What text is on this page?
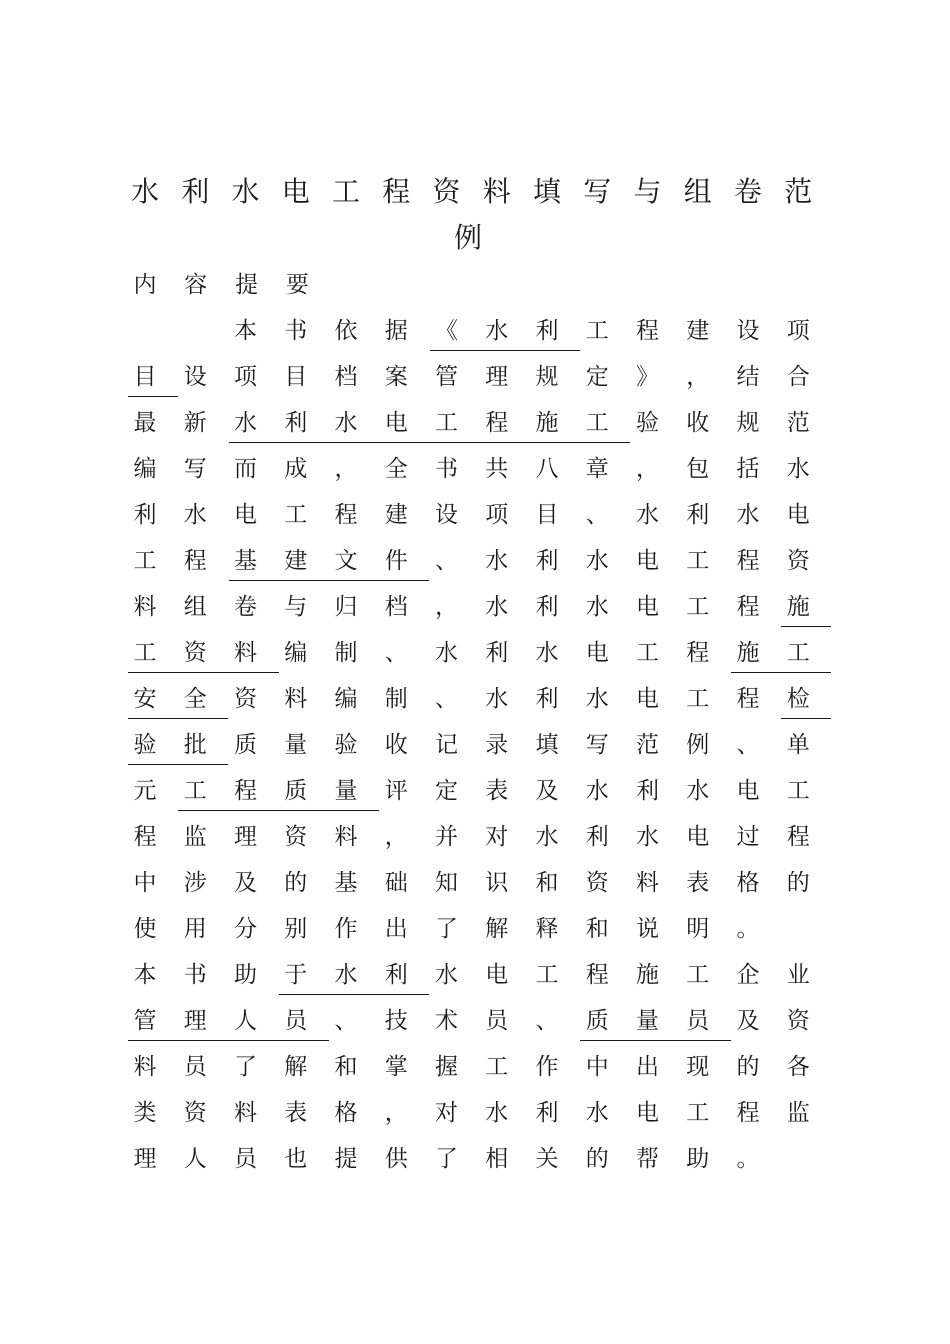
水 利 水 电 工 程 资 料 填 写 与 组 卷 范
例
内 容 提 要
本 书 依 据 《 水 利 工 程 建 设 项
目 设 项 目 档 案 管 理 规 定 》 ， 结 合
最 新 水 利 水 电 工 程 施 工 验 收 规 范
编 写 而 成 ， 全 书 共 八 章 ， 包 括 水
利 水 电 工 程 建 设 项 目 、 水 利 水 电
工 程 基 建 文 件 、 水 利 水 电 工 程 资
料 组 卷 与 归 档 ， 水 利 水 电 工 程 施
工 资 料 编 制 、 水 利 水 电 工 程 施 工
安 全 资 料 编 制 、 水 利 水 电 工 程 检
验 批 质 量 验 收 记 录 填 写 范 例 、 单
元 工 程 质 量 评 定 表 及 水 利 水 电 工
程 监 理 资 料 ， 并 对 水 利 水 电 过 程
中 涉 及 的 基 础 知 识 和 资 料 表 格 的
使 用 分 别 作 出 了 解 释 和 说 明 。
本 书 助 于 水 利 水 电 工 程 施 工 企 业
管 理 人 员 、 技 术 员 、 质 量 员 及 资
料 员 了 解 和 掌 握 工 作 中 出 现 的 各
类 资 料 表 格 ， 对 水 利 水 电 工 程 监
理 人 员 也 提 供 了 相 关 的 帮 助 。
